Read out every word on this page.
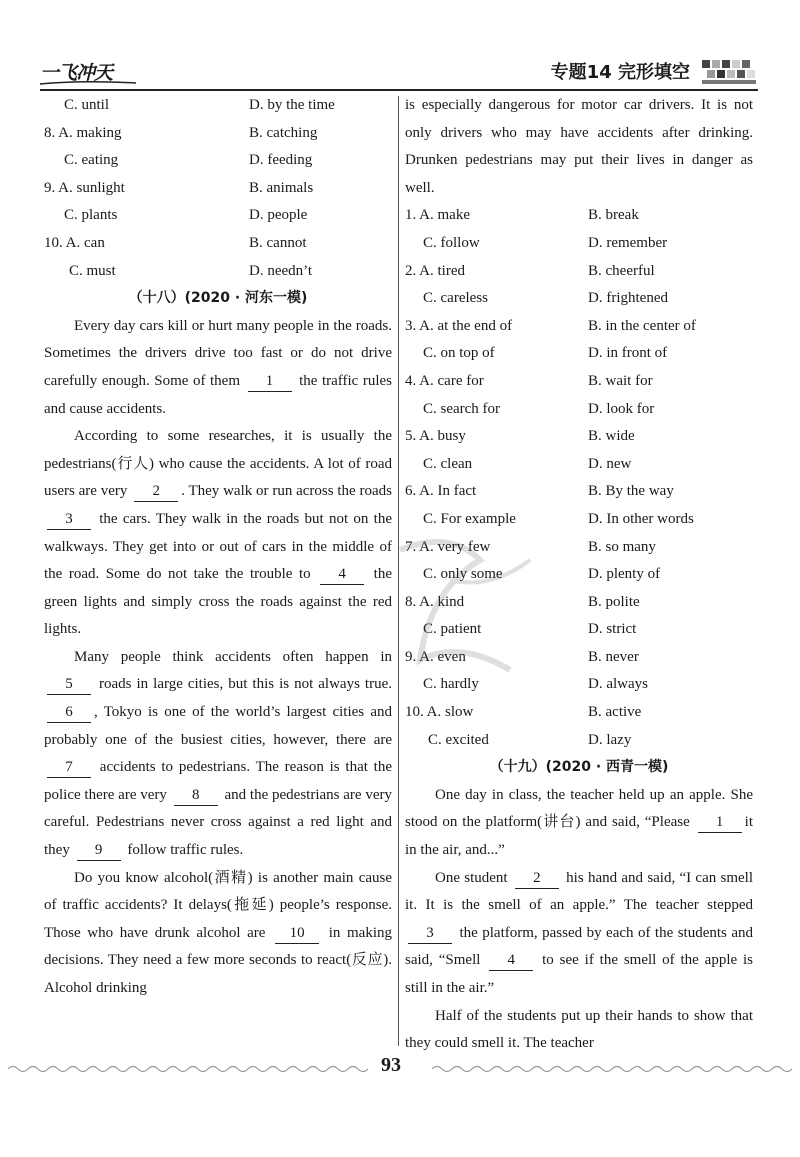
一飞冲天	专题14 完形填空
C. until	D. by the time
8. A. making	B. catching
C. eating	D. feeding
9. A. sunlight	B. animals
C. plants	D. people
10. A. can	B. cannot
C. must	D. needn’t
（十八）(2020 · 河东一模)

Every day cars kill or hurt many people in the roads. Sometimes the drivers drive too fast or do not drive carefully enough. Some of them 1 the traffic rules and cause accidents.

According to some researches, it is usually the pedestrians(行人) who cause the accidents. A lot of road users are very 2 . They walk or run across the roads 3 the cars. They walk in the roads but not on the walkways. They get into or out of cars in the middle of the road. Some do not take the trouble to 4 the green lights and simply cross the roads against the red lights.

Many people think accidents often happen in 5 roads in large cities, but this is not always true. 6 , Tokyo is one of the world’s largest cities and probably one of the busiest cities, however, there are 7 accidents to pedestrians. The reason is that the police there are very 8 and the pedestrians are very careful. Pedestrians never cross against a red light and they 9 follow traffic rules.

Do you know alcohol(酒精) is another main cause of traffic accidents? It delays(拖延) people’s response. Those who have drunk alcohol are 10 in making decisions. They need a few more seconds to react(反应). Alcohol drinking

is especially dangerous for motor car drivers. It is not only drivers who may have accidents after drinking. Drunken pedestrians may put their lives in danger as well.

1. A. make	B. break
C. follow	D. remember
2. A. tired	B. cheerful
C. careless	D. frightened
3. A. at the end of	B. in the center of
C. on top of	D. in front of
4. A. care for	B. wait for
C. search for	D. look for
5. A. busy	B. wide
C. clean	D. new
6. A. In fact	B. By the way
C. For example	D. In other words
7. A. very few	B. so many
C. only some	D. plenty of
8. A. kind	B. polite
C. patient	D. strict
9. A. even	B. never
C. hardly	D. always
10. A. slow	B. active
C. excited	D. lazy
（十九）(2020 · 西青一模)

One day in class, the teacher held up an apple. She stood on the platform(讲台) and said, “Please 1 it in the air, and...”

One student 2 his hand and said, “I can smell it. It is the smell of an apple.” The teacher stepped 3 the platform, passed by each of the students and said, “Smell 4 to see if the smell of the apple is still in the air.”

Half of the students put up their hands to show that they could smell it. The teacher

93
